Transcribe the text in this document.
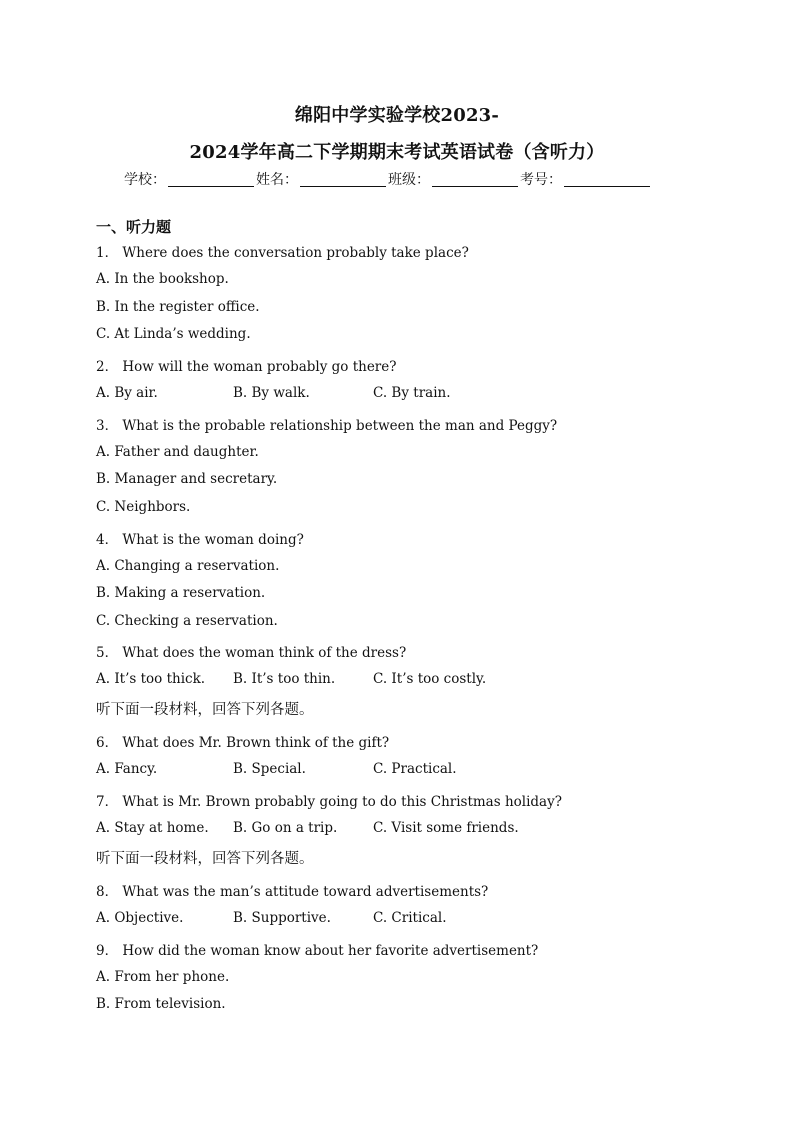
绵阳中学实验学校2023-
2024学年高二下学期期末考试英语试卷（含听力）
学校：	姓名：	班级：	考号：
一、听力题
1． Where does the conversation probably take place?
A. In the bookshop.
B. In the register office.
C. At Linda’s wedding.
2． How will the woman probably go there?
A. By air.	B. By walk.	C. By train.
3． What is the probable relationship between the man and Peggy?
A. Father and daughter.
B. Manager and secretary.
C. Neighbors.
4． What is the woman doing?
A. Changing a reservation.
B. Making a reservation.
C. Checking a reservation.
5． What does the woman think of the dress?
A. It’s too thick. B. It’s too thin.	C. It’s too costly.
听下面一段材料，回答下列各题。
6． What does Mr. Brown think of the gift?
A. Fancy.	B. Special.	C. Practical.
7． What is Mr. Brown probably going to do this Christmas holiday?
A. Stay at home. B. Go on a trip.	C. Visit some friends.
听下面一段材料，回答下列各题。
8． What was the man’s attitude toward advertisements?
A. Objective.	B. Supportive.	C. Critical.
9． How did the woman know about her favorite advertisement?
A. From her phone.
B. From television.
